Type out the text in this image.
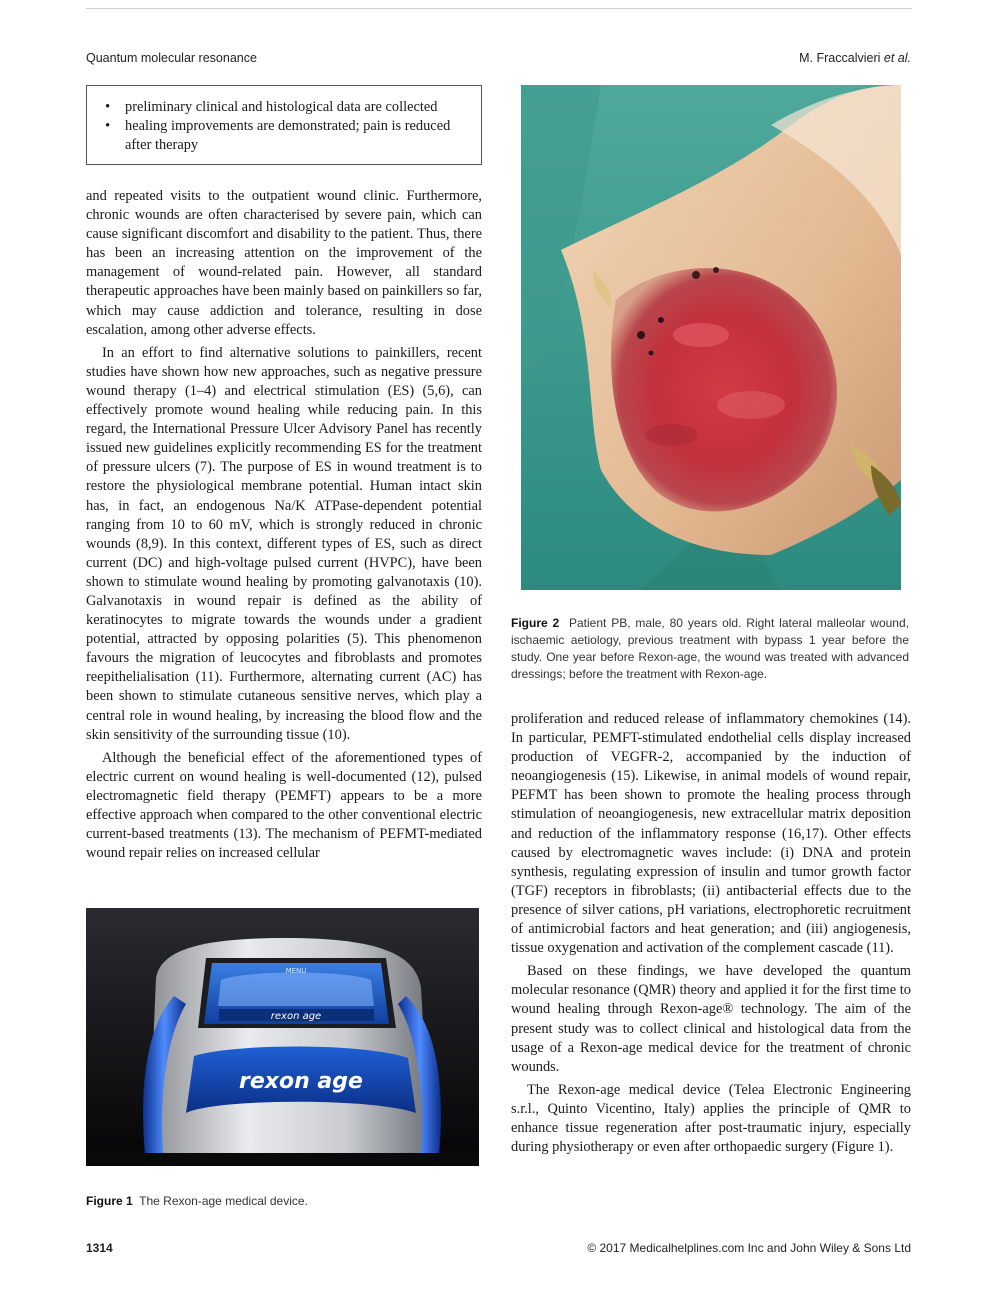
Quantum molecular resonance	M. Fraccalvieri et al.
• preliminary clinical and histological data are collected
• healing improvements are demonstrated; pain is reduced after therapy

and repeated visits to the outpatient wound clinic. Furthermore, chronic wounds are often characterised by severe pain, which can cause significant discomfort and disability to the patient. Thus, there has been an increasing attention on the improvement of the management of wound-related pain. However, all standard therapeutic approaches have been mainly based on painkillers so far, which may cause addiction and tolerance, resulting in dose escalation, among other adverse effects.

In an effort to find alternative solutions to painkillers, recent studies have shown how new approaches, such as negative pressure wound therapy (1–4) and electrical stimulation (ES) (5,6), can effectively promote wound healing while reducing pain. In this regard, the International Pressure Ulcer Advisory Panel has recently issued new guidelines explicitly recommending ES for the treatment of pressure ulcers (7). The purpose of ES in wound treatment is to restore the physiological membrane potential. Human intact skin has, in fact, an endogenous Na/K ATPase-dependent potential ranging from 10 to 60 mV, which is strongly reduced in chronic wounds (8,9). In this context, different types of ES, such as direct current (DC) and high-voltage pulsed current (HVPC), have been shown to stimulate wound healing by promoting galvanotaxis (10). Galvanotaxis in wound repair is defined as the ability of keratinocytes to migrate towards the wounds under a gradient potential, attracted by opposing polarities (5). This phenomenon favours the migration of leucocytes and fibroblasts and promotes reepithelialisation (11). Furthermore, alternating current (AC) has been shown to stimulate cutaneous sensitive nerves, which play a central role in wound healing, by increasing the blood flow and the skin sensitivity of the surrounding tissue (10).

Although the beneficial effect of the aforementioned types of electric current on wound healing is well-documented (12), pulsed electromagnetic field therapy (PEMFT) appears to be a more effective approach when compared to the other conventional electric current-based treatments (13). The mechanism of PEFMT-mediated wound repair relies on increased cellular

Figure 2 Patient PB, male, 80 years old. Right lateral malleolar wound, ischaemic aetiology, previous treatment with bypass 1 year before the study. One year before Rexon-age, the wound was treated with advanced dressings; before the treatment with Rexon-age.

proliferation and reduced release of inflammatory chemokines (14). In particular, PEMFT-stimulated endothelial cells display increased production of VEGFR-2, accompanied by the induction of neoangiogenesis (15). Likewise, in animal models of wound repair, PEFMT has been shown to promote the healing process through stimulation of neoangiogenesis, new extracellular matrix deposition and reduction of the inflammatory response (16,17). Other effects caused by electromagnetic waves include: (i) DNA and protein synthesis, regulating expression of insulin and tumor growth factor (TGF) receptors in fibroblasts; (ii) antibacterial effects due to the presence of silver cations, pH variations, electrophoretic recruitment of antimicrobial factors and heat generation; and (iii) angiogenesis, tissue oxygenation and activation of the complement cascade (11).

Based on these findings, we have developed the quantum molecular resonance (QMR) theory and applied it for the first time to wound healing through Rexon-age® technology. The aim of the present study was to collect clinical and histological data from the usage of a Rexon-age medical device for the treatment of chronic wounds.

The Rexon-age medical device (Telea Electronic Engineering s.r.l., Quinto Vicentino, Italy) applies the principle of QMR to enhance tissue regeneration after post-traumatic injury, especially during physiotherapy or even after orthopaedic surgery (Figure 1).

MENU
rexon age
rexon age
Figure 1 The Rexon-age medical device.
1314	© 2017 Medicalhelplines.com Inc and John Wiley & Sons Ltd
